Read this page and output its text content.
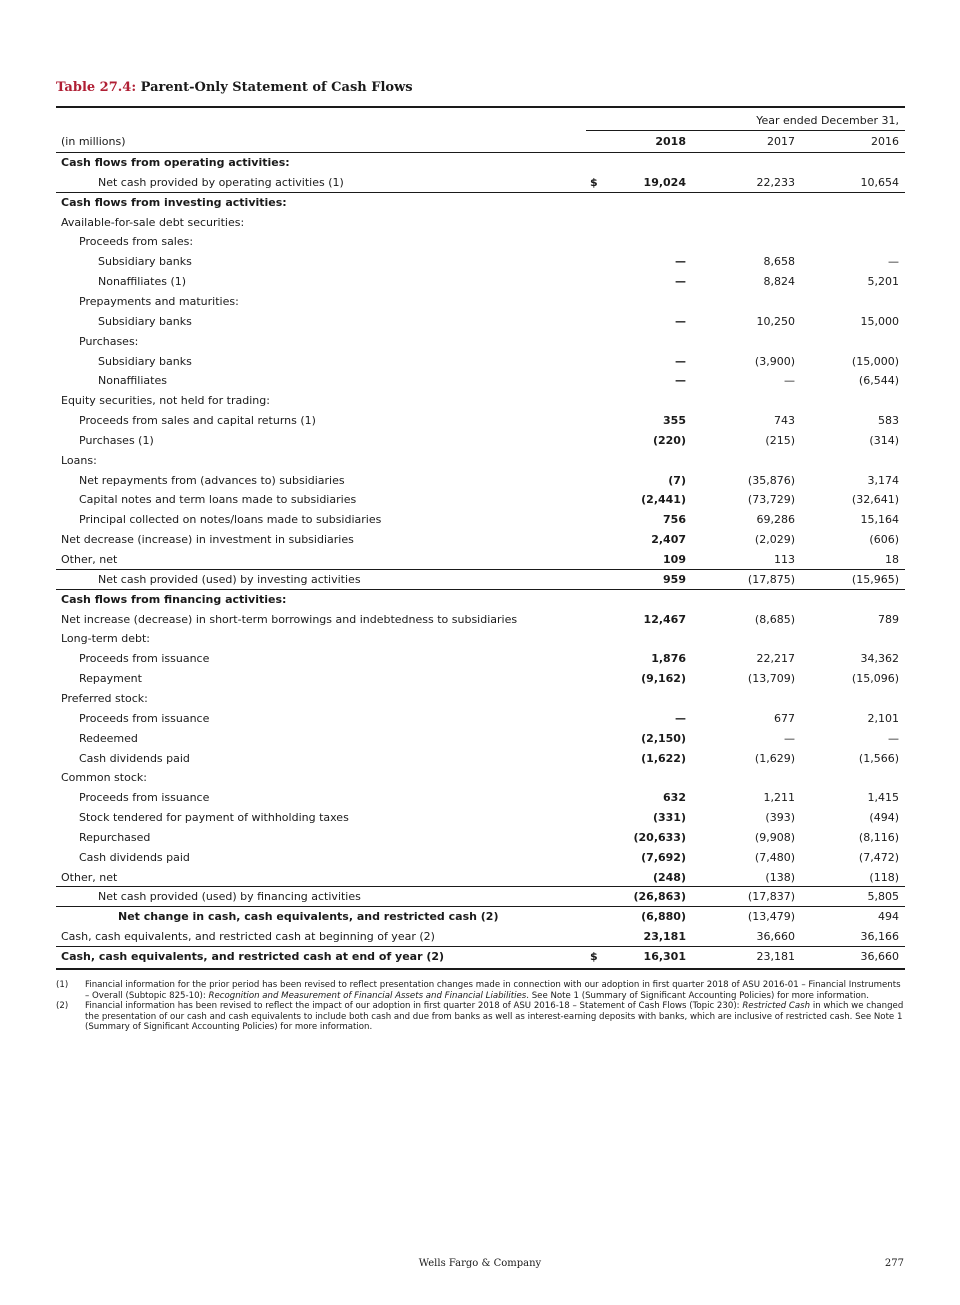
Table 27.4: Parent-Only Statement of Cash Flows
Year ended December 31,
(in millions)	2018	2017	2016
Cash flows from operating activities:
Net cash provided by operating activities (1)	$	19,024	22,233	10,654
Cash flows from investing activities:
Available-for-sale debt securities:
Proceeds from sales:
Subsidiary banks	—	8,658	—
Nonaffiliates (1)	—	8,824	5,201
Prepayments and maturities:
Subsidiary banks	—	10,250	15,000
Purchases:
Subsidiary banks	—	(3,900)	(15,000)
Nonaffiliates	—	—	(6,544)
Equity securities, not held for trading:
Proceeds from sales and capital returns (1)	355	743	583
Purchases (1)	(220)	(215)	(314)
Loans:
Net repayments from (advances to) subsidiaries	(7)	(35,876)	3,174
Capital notes and term loans made to subsidiaries	(2,441)	(73,729)	(32,641)
Principal collected on notes/loans made to subsidiaries	756	69,286	15,164
Net decrease (increase) in investment in subsidiaries	2,407	(2,029)	(606)
Other, net	109	113	18
Net cash provided (used) by investing activities	959	(17,875)	(15,965)
Cash flows from financing activities:
Net increase (decrease) in short-term borrowings and indebtedness to subsidiaries	12,467	(8,685)	789
Long-term debt:
Proceeds from issuance	1,876	22,217	34,362
Repayment	(9,162)	(13,709)	(15,096)
Preferred stock:
Proceeds from issuance	—	677	2,101
Redeemed	(2,150)	—	—
Cash dividends paid	(1,622)	(1,629)	(1,566)
Common stock:
Proceeds from issuance	632	1,211	1,415
Stock tendered for payment of withholding taxes	(331)	(393)	(494)
Repurchased	(20,633)	(9,908)	(8,116)
Cash dividends paid	(7,692)	(7,480)	(7,472)
Other, net	(248)	(138)	(118)
Net cash provided (used) by financing activities	(26,863)	(17,837)	5,805
Net change in cash, cash equivalents, and restricted cash (2)	(6,880)	(13,479)	494
Cash, cash equivalents, and restricted cash at beginning of year (2)	23,181	36,660	36,166
Cash, cash equivalents, and restricted cash at end of year (2)	$	16,301	23,181	36,660
(1) Financial information for the prior period has been revised to reflect presentation changes made in connection with our adoption in first quarter 2018 of ASU 2016-01 – Financial Instruments – Overall (Subtopic 825-10): Recognition and Measurement of Financial Assets and Financial Liabilities. See Note 1 (Summary of Significant Accounting Policies) for more information.
(2) Financial information has been revised to reflect the impact of our adoption in first quarter 2018 of ASU 2016-18 – Statement of Cash Flows (Topic 230): Restricted Cash in which we changed the presentation of our cash and cash equivalents to include both cash and due from banks as well as interest-earning deposits with banks, which are inclusive of restricted cash. See Note 1 (Summary of Significant Accounting Policies) for more information.
Wells Fargo & Company	277
